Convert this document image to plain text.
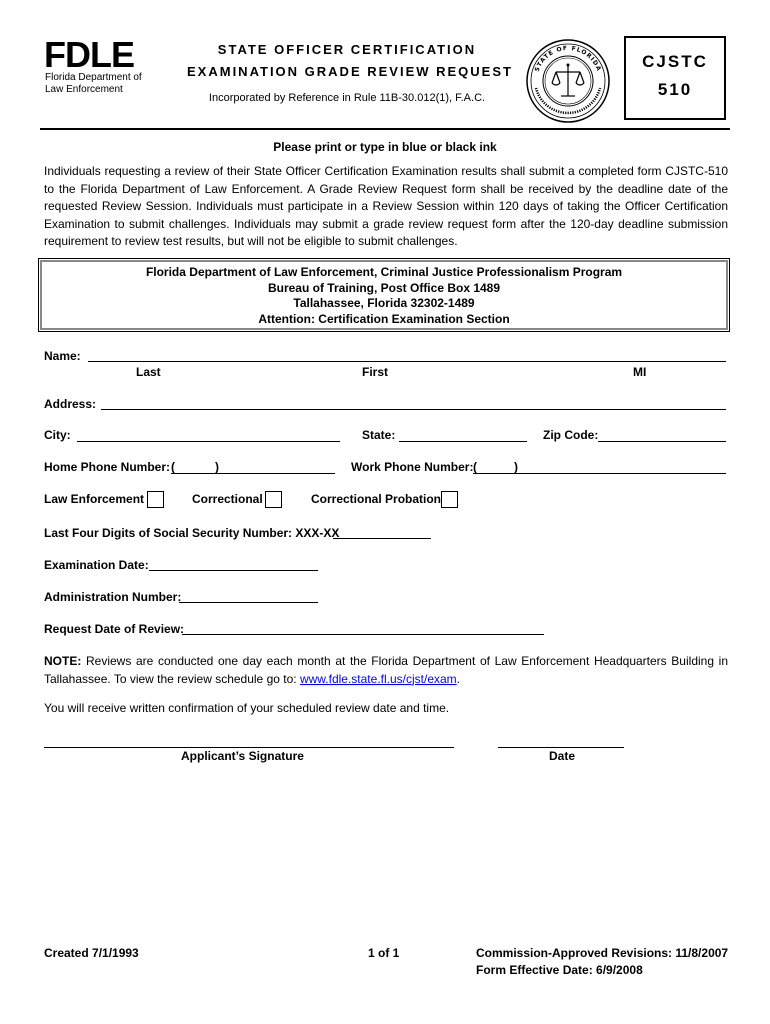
FDLE
Florida Department of Law Enforcement
STATE OFFICER CERTIFICATION
EXAMINATION GRADE REVIEW REQUEST
Incorporated by Reference in Rule 11B-30.012(1), F.A.C.
STATE OF FLORIDA	CJSTC
510
Please print or type in blue or black ink
Individuals requesting a review of their State Officer Certification Examination results shall submit a completed form CJSTC-510 to the Florida Department of Law Enforcement. A Grade Review Request form shall be received by the deadline date of the requested Review Session. Individuals must participate in a Review Session within 120 days of taking the Officer Certification Examination to submit challenges. Individuals may submit a grade review request form after the 120-day deadline submission requirement to review test results, but will not be eligible to submit challenges.
Florida Department of Law Enforcement, Criminal Justice Professionalism Program
Bureau of Training, Post Office Box 1489
Tallahassee, Florida 32302-1489
Attention: Certification Examination Section
Name:
Last	First	MI
Address:
City:	State:	Zip Code:
Home Phone Number: (	)	Work Phone Number: (	)
Law Enforcement	Correctional	Correctional Probation
Last Four Digits of Social Security Number: XXX-XX
Examination Date:
Administration Number:
Request Date of Review:
NOTE: Reviews are conducted one day each month at the Florida Department of Law Enforcement Headquarters Building in Tallahassee. To view the review schedule go to: www.fdle.state.fl.us/cjst/exam.
You will receive written confirmation of your scheduled review date and time.
Applicant’s Signature	Date
Created 7/1/1993	1 of 1	Commission-Approved Revisions: 11/8/2007
Form Effective Date: 6/9/2008
